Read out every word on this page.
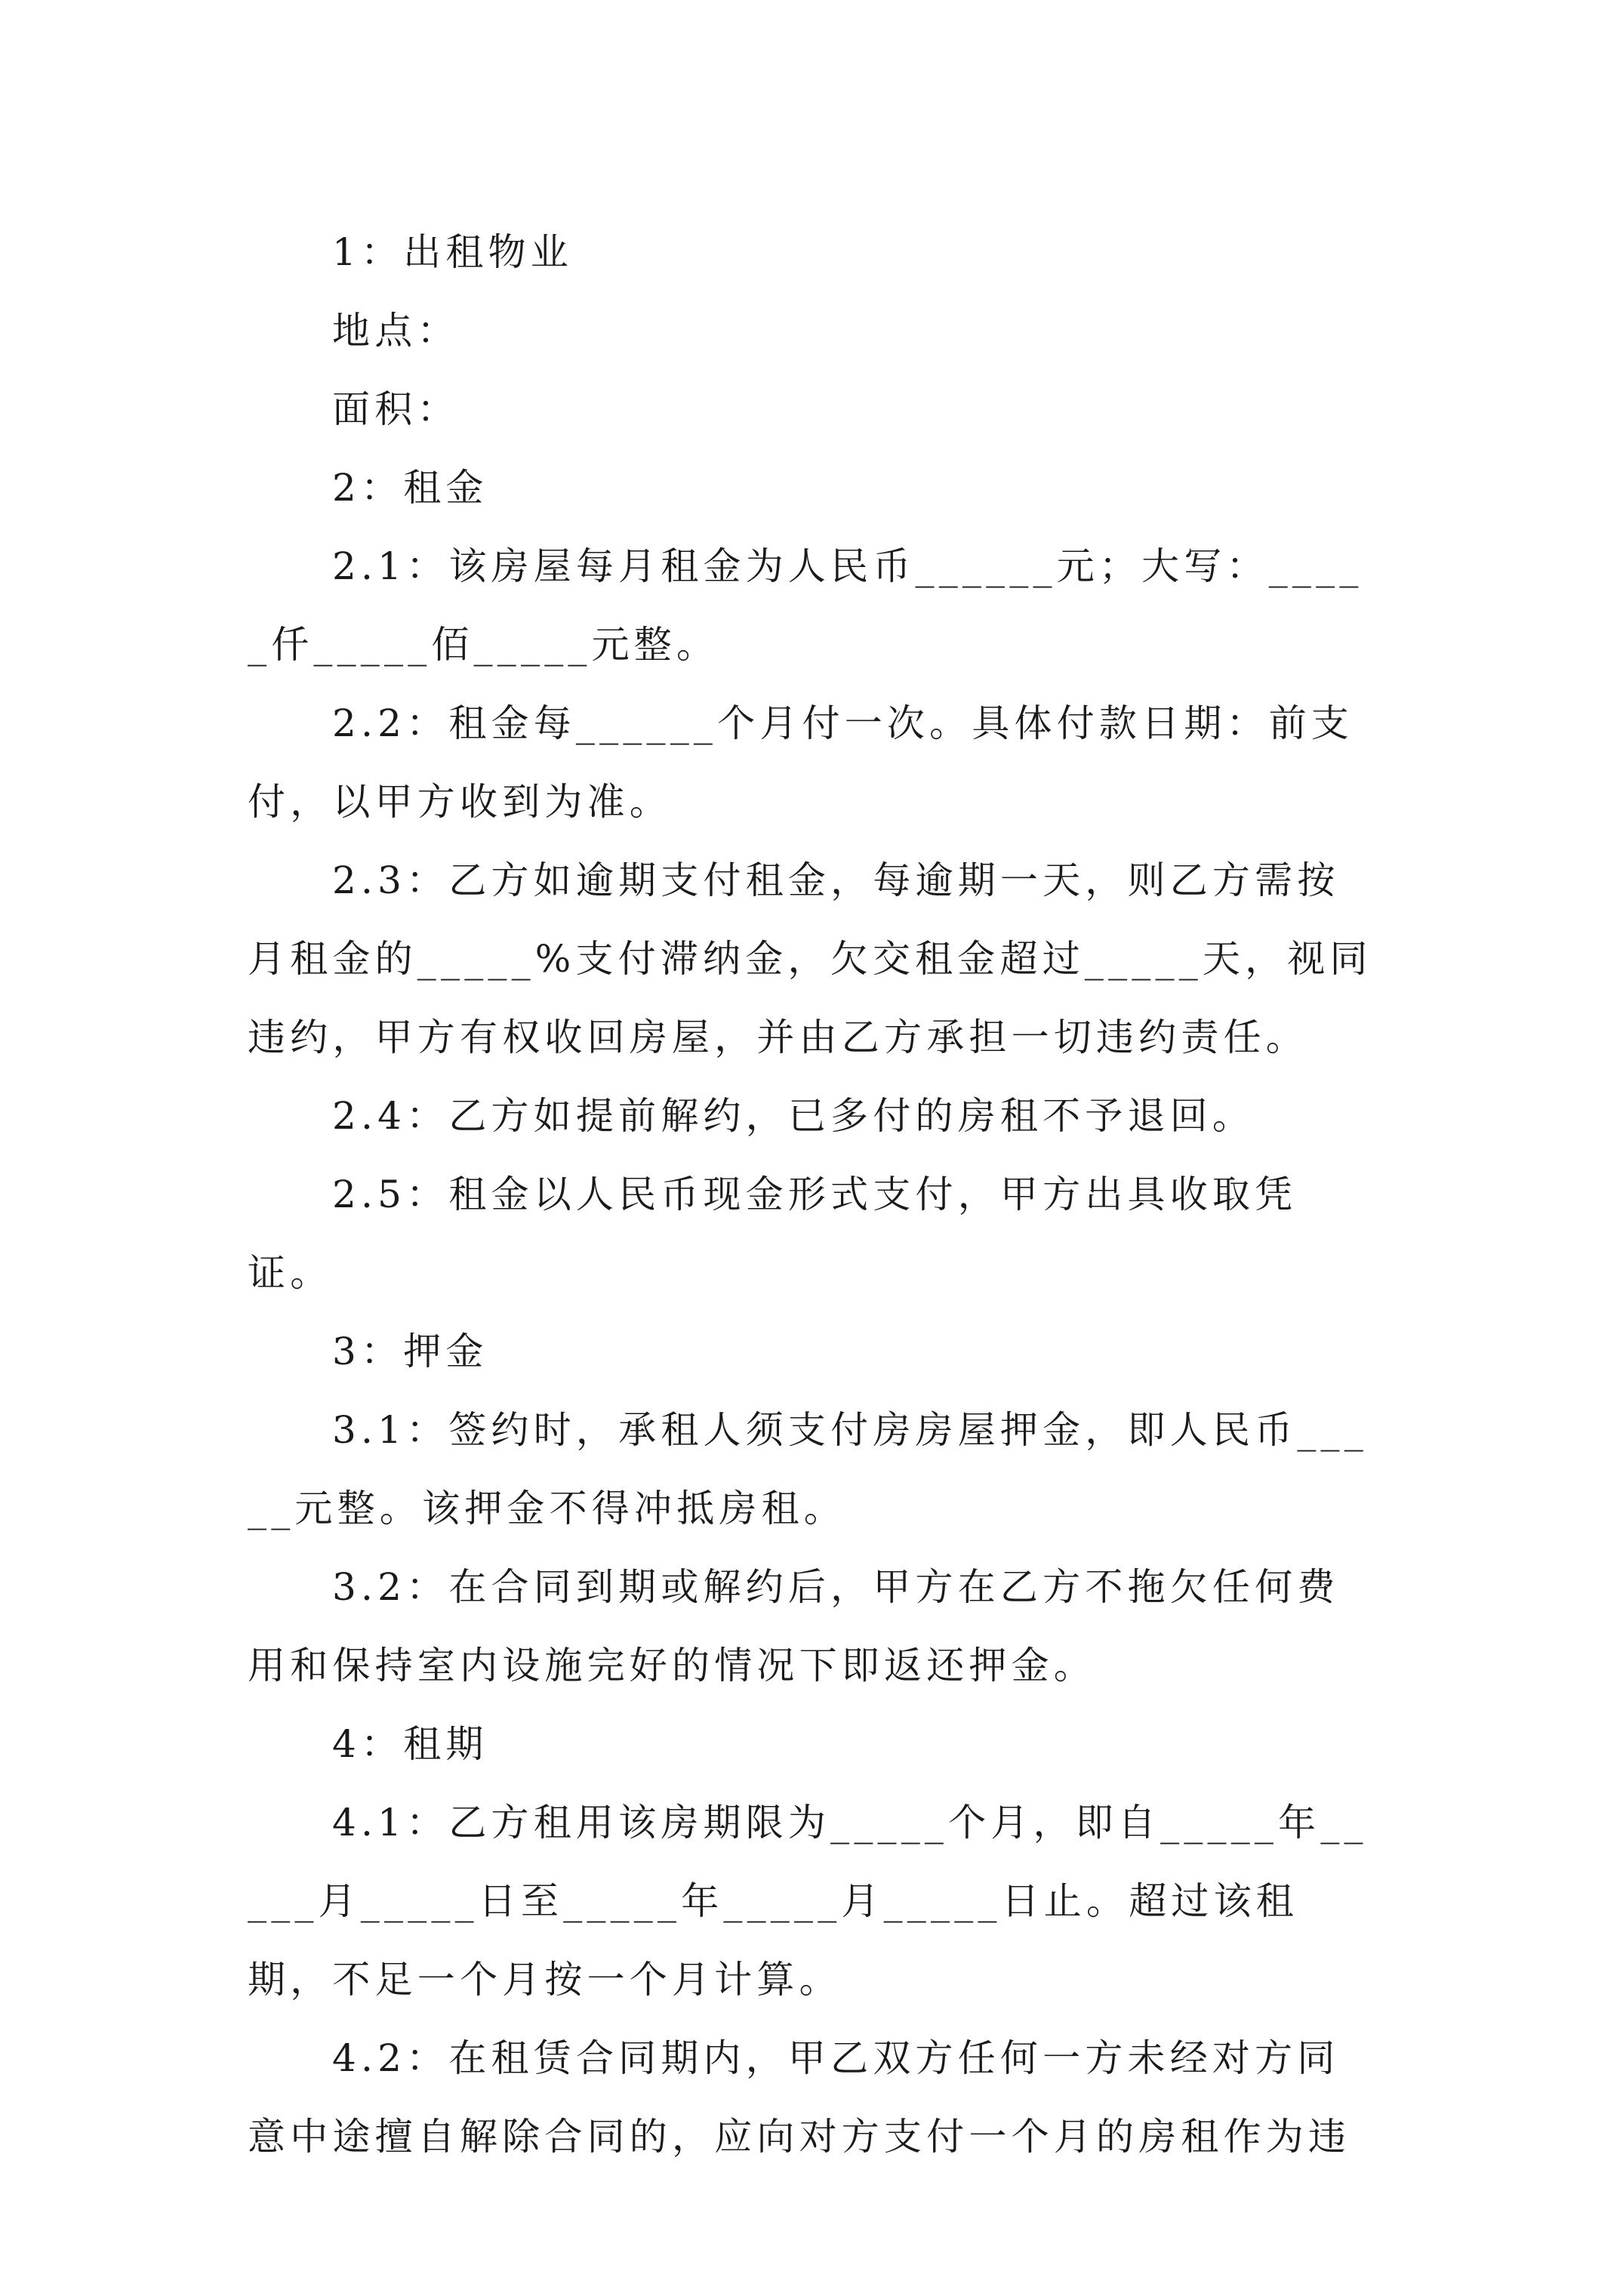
1：出租物业

地点：

面积：

2：租金

2.1：该房屋每月租金为人民币______元；大写：_____仟_____佰_____元整。

2.2：租金每______个月付一次。具体付款日期：前支付，以甲方收到为准。

2.3：乙方如逾期支付租金，每逾期一天，则乙方需按月租金的_____%支付滞纳金，欠交租金超过_____天，视同违约，甲方有权收回房屋，并由乙方承担一切违约责任。

2.4：乙方如提前解约，已多付的房租不予退回。

2.5：租金以人民币现金形式支付，甲方出具收取凭证。

3：押金

3.1：签约时，承租人须支付房房屋押金，即人民币_____元整。该押金不得冲抵房租。

3.2：在合同到期或解约后，甲方在乙方不拖欠任何费用和保持室内设施完好的情况下即返还押金。

4：租期

4.1：乙方租用该房期限为_____个月，即自_____年_____月_____日至_____年_____月_____日止。超过该租期，不足一个月按一个月计算。

4.2：在租赁合同期内，甲乙双方任何一方未经对方同意中途擅自解除合同的，应向对方支付一个月的房租作为违
